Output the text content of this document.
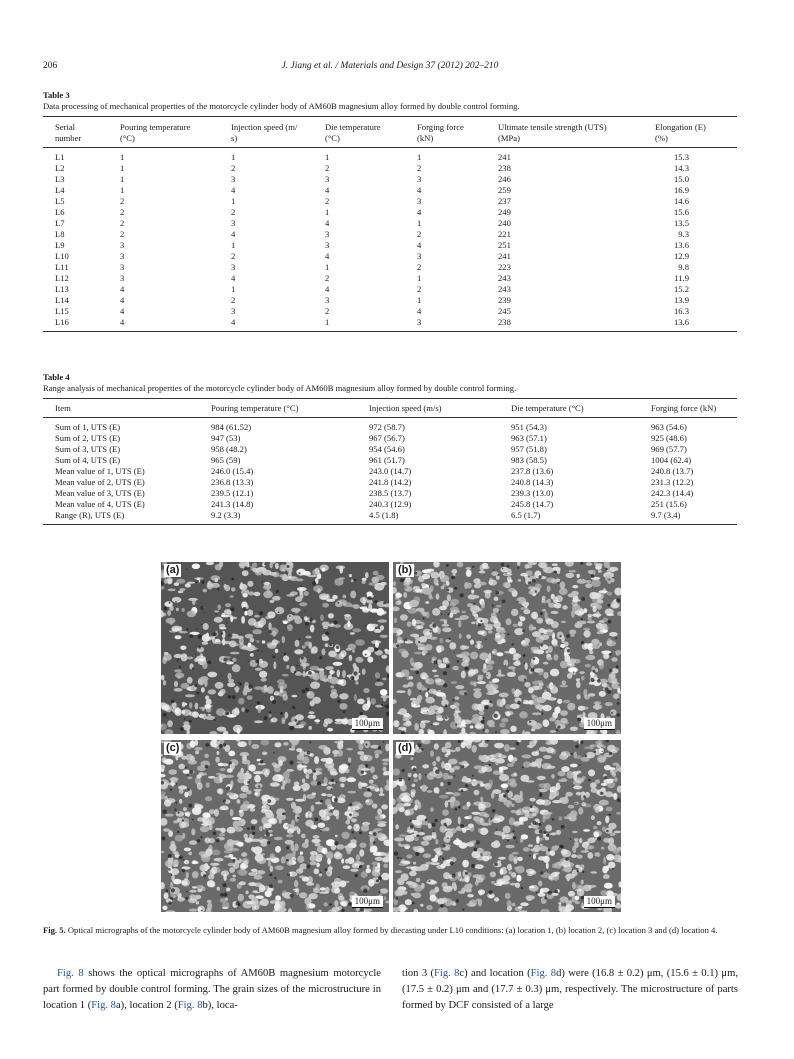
206	J. Jiang et al. / Materials and Design 37 (2012) 202–210
Table 3
Data processing of mechanical properties of the motorcycle cylinder body of AM60B magnesium alloy formed by double control forming.
Serial	Pouring temperature	Injection speed (m/	Die temperature	Forging force	Ultimate tensile strength (UTS)	Elongation (E)
number	(°C)	s)	(°C)	(kN)	(MPa)	(%)
L1	1	1	1	1	241	15.3
L2	1	2	2	2	238	14.3
L3	1	3	3	3	246	15.0
L4	1	4	4	4	259	16.9
L5	2	1	2	3	237	14.6
L6	2	2	1	4	249	15.6
L7	2	3	4	1	240	13.5
L8	2	4	3	2	221	9.3
L9	3	1	3	4	251	13.6
L10	3	2	4	3	241	12.9
L11	3	3	1	2	223	9.8
L12	3	4	2	1	243	11.9
L13	4	1	4	2	243	15.2
L14	4	2	3	1	239	13.9
L15	4	3	2	4	245	16.3
L16	4	4	1	3	238	13.6
Table 4
Range analysis of mechanical properties of the motorcycle cylinder body of AM60B magnesium alloy formed by double control forming.
Item	Pouring temperature (°C)	Injection speed (m/s)	Die temperature (°C)	Forging force (kN)
Sum of 1, UTS (E)	984 (61.52)	972 (58.7)	951 (54.3)	963 (54.6)
Sum of 2, UTS (E)	947 (53)	967 (56.7)	963 (57.1)	925 (48.6)
Sum of 3, UTS (E)	958 (48.2)	954 (54.6)	957 (51.8)	969 (57.7)
Sum of 4, UTS (E)	965 (59)	961 (51.7)	983 (58.5)	1004 (62.4)
Mean value of 1, UTS (E)	246.0 (15.4)	243.0 (14.7)	237.8 (13.6)	240.8 (13.7)
Mean value of 2, UTS (E)	236.8 (13.3)	241.8 (14.2)	240.8 (14.3)	231.3 (12.2)
Mean value of 3, UTS (E)	239.5 (12.1)	238.5 (13.7)	239.3 (13.0)	242.3 (14.4)
Mean value of 4, UTS (E)	241.3 (14.8)	240.3 (12.9)	245.8 (14.7)	251 (15.6)
Range (R), UTS (E)	9.2 (3.3)	4.5 (1.8)	6.5 (1.7)	9.7 (3.4)
(a)
100μm
(b)
100μm
(c)
100μm
(d)
100μm
Fig. 5. Optical micrographs of the motorcycle cylinder body of AM60B magnesium alloy formed by diecasting under L10 conditions: (a) location 1, (b) location 2, (c) location 3 and (d) location 4.
Fig. 8 shows the optical micrographs of AM60B magnesium motorcycle part formed by double control forming. The grain sizes of the microstructure in location 1 (Fig. 8a), location 2 (Fig. 8b), loca-
tion 3 (Fig. 8c) and location (Fig. 8d) were (16.8 ± 0.2) μm, (15.6 ± 0.1) μm, (17.5 ± 0.2) μm and (17.7 ± 0.3) μm, respectively. The microstructure of parts formed by DCF consisted of a large
